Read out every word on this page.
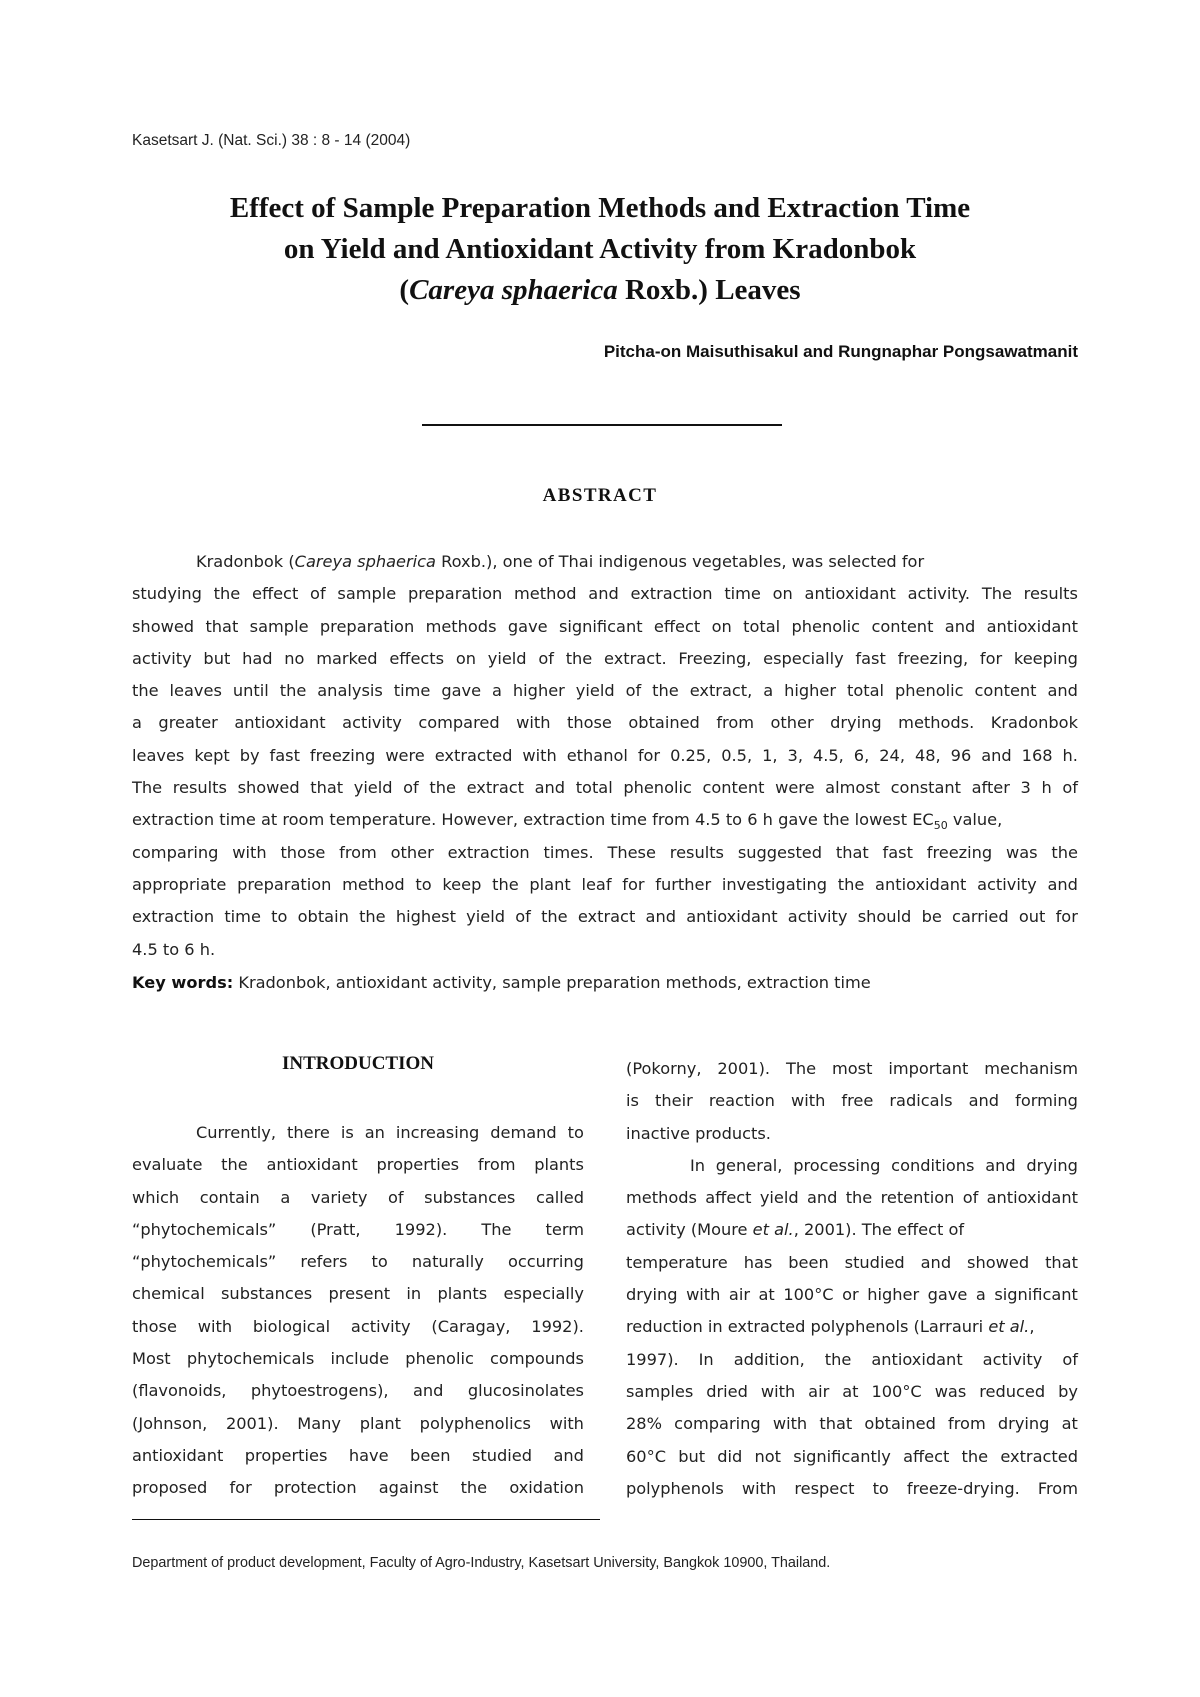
Kasetsart J. (Nat. Sci.) 38 : 8 - 14 (2004)
Effect of Sample Preparation Methods and Extraction Time
on Yield and Antioxidant Activity from Kradonbok
(Careya sphaerica Roxb.) Leaves
Pitcha-on Maisuthisakul and Rungnaphar Pongsawatmanit
ABSTRACT
Kradonbok (Careya sphaerica Roxb.), one of Thai indigenous vegetables, was selected for
studying the effect of sample preparation method and extraction time on antioxidant activity. The results
showed that sample preparation methods gave significant effect on total phenolic content and antioxidant
activity but had no marked effects on yield of the extract. Freezing, especially fast freezing, for keeping
the leaves until the analysis time gave a higher yield of the extract, a higher total phenolic content and
a greater antioxidant activity compared with those obtained from other drying methods. Kradonbok
leaves kept by fast freezing were extracted with ethanol for 0.25, 0.5, 1, 3, 4.5, 6, 24, 48, 96 and 168 h.
The results showed that yield of the extract and total phenolic content were almost constant after 3 h of
extraction time at room temperature. However, extraction time from 4.5 to 6 h gave the lowest $EC_{50}$ value,
comparing with those from other extraction times. These results suggested that fast freezing was the
appropriate preparation method to keep the plant leaf for further investigating the antioxidant activity and
extraction time to obtain the highest yield of the extract and antioxidant activity should be carried out for
4.5 to 6 h.
Key words: Kradonbok, antioxidant activity, sample preparation methods, extraction time
INTRODUCTION
Currently, there is an increasing demand to
evaluate the antioxidant properties from plants
which contain a variety of substances called
“phytochemicals” (Pratt, 1992). The term
“phytochemicals” refers to naturally occurring
chemical substances present in plants especially
those with biological activity (Caragay, 1992).
Most phytochemicals include phenolic compounds
(flavonoids, phytoestrogens), and glucosinolates
(Johnson, 2001). Many plant polyphenolics with
antioxidant properties have been studied and
proposed for protection against the oxidation
(Pokorny, 2001). The most important mechanism
is their reaction with free radicals and forming
inactive products.
In general, processing conditions and drying
methods affect yield and the retention of antioxidant
activity (Moure et al., 2001). The effect of
temperature has been studied and showed that
drying with air at 100°C or higher gave a significant
reduction in extracted polyphenols (Larrauri et al.,
1997). In addition, the antioxidant activity of
samples dried with air at 100°C was reduced by
28% comparing with that obtained from drying at
60°C but did not significantly affect the extracted
polyphenols with respect to freeze-drying. From
Department of product development, Faculty of Agro-Industry, Kasetsart University, Bangkok 10900, Thailand.
